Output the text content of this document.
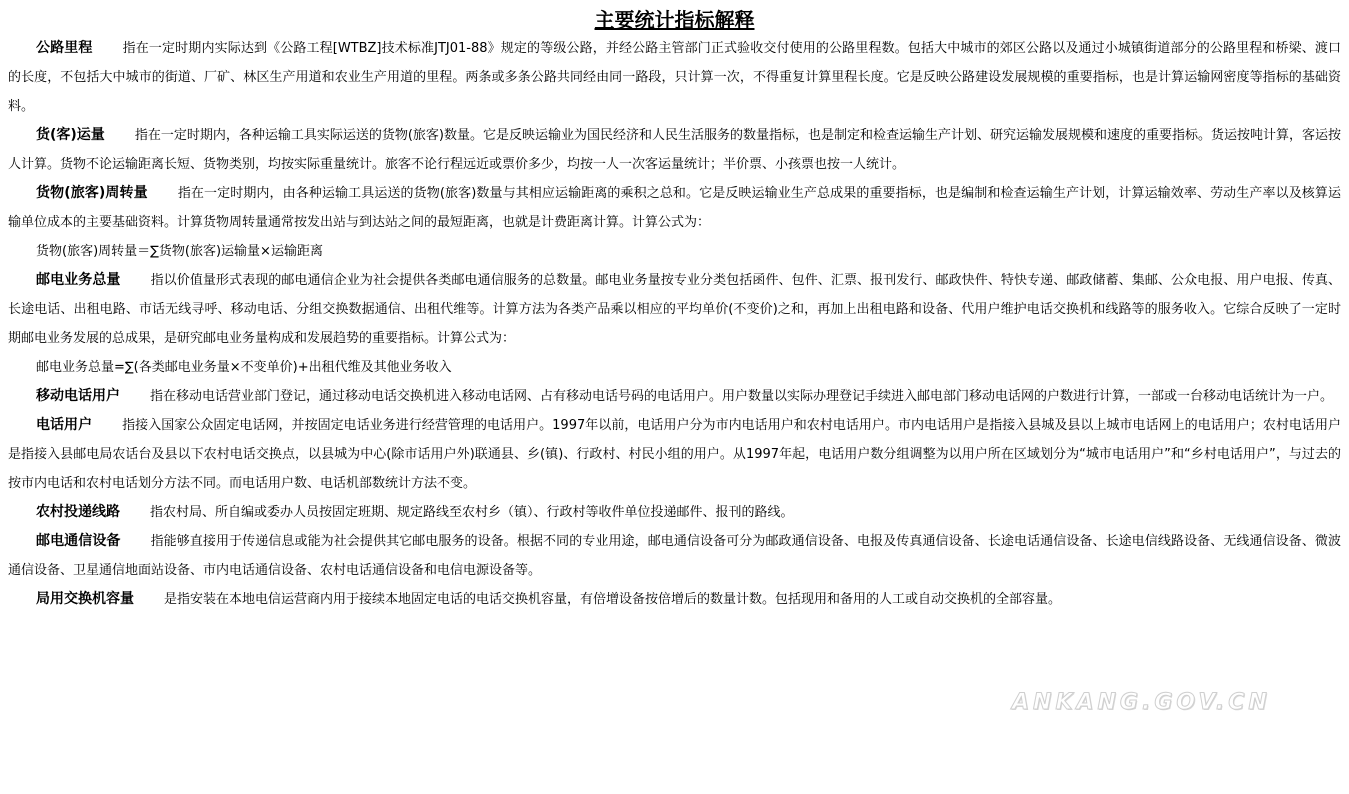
主要统计指标解释

公路里程 指在一定时期内实际达到《公路工程[WTBZ]技术标准JTJ01-88》规定的等级公路，并经公路主管部门正式验收交付使用的公路里程数。包括大中城市的郊区公路以及通过小城镇街道部分的公路里程和桥梁、渡口的长度，不包括大中城市的街道、厂矿、林区生产用道和农业生产用道的里程。两条或多条公路共同经由同一路段，只计算一次，不得重复计算里程长度。它是反映公路建设发展规模的重要指标，也是计算运输网密度等指标的基础资料。

货(客)运量 指在一定时期内，各种运输工具实际运送的货物(旅客)数量。它是反映运输业为国民经济和人民生活服务的数量指标，也是制定和检查运输生产计划、研究运输发展规模和速度的重要指标。货运按吨计算，客运按人计算。货物不论运输距离长短、货物类别，均按实际重量统计。旅客不论行程远近或票价多少，均按一人一次客运量统计；半价票、小孩票也按一人统计。

货物(旅客)周转量 指在一定时期内，由各种运输工具运送的货物(旅客)数量与其相应运输距离的乘积之总和。它是反映运输业生产总成果的重要指标，也是编制和检查运输生产计划，计算运输效率、劳动生产率以及核算运输单位成本的主要基础资料。计算货物周转量通常按发出站与到达站之间的最短距离，也就是计费距离计算。计算公式为：

货物(旅客)周转量＝∑货物(旅客)运输量×运输距离

邮电业务总量 指以价值量形式表现的邮电通信企业为社会提供各类邮电通信服务的总数量。邮电业务量按专业分类包括函件、包件、汇票、报刊发行、邮政快件、特快专递、邮政储蓄、集邮、公众电报、用户电报、传真、长途电话、出租电路、市话无线寻呼、移动电话、分组交换数据通信、出租代维等。计算方法为各类产品乘以相应的平均单价(不变价)之和，再加上出租电路和设备、代用户维护电话交换机和线路等的服务收入。它综合反映了一定时期邮电业务发展的总成果，是研究邮电业务量构成和发展趋势的重要指标。计算公式为：

邮电业务总量=∑(各类邮电业务量×不变单价)+出租代维及其他业务收入

移动电话用户 指在移动电话营业部门登记，通过移动电话交换机进入移动电话网、占有移动电话号码的电话用户。用户数量以实际办理登记手续进入邮电部门移动电话网的户数进行计算，一部或一台移动电话统计为一户。

电话用户 指接入国家公众固定电话网，并按固定电话业务进行经营管理的电话用户。1997年以前，电话用户分为市内电话用户和农村电话用户。市内电话用户是指接入县城及县以上城市电话网上的电话用户；农村电话用户是指接入县邮电局农话台及县以下农村电话交换点，以县城为中心(除市话用户外)联通县、乡(镇)、行政村、村民小组的用户。从1997年起，电话用户数分组调整为以用户所在区域划分为“城市电话用户”和“乡村电话用户”，与过去的按市内电话和农村电话划分方法不同。而电话用户数、电话机部数统计方法不变。

农村投递线路 指农村局、所自编或委办人员按固定班期、规定路线至农村乡（镇）、行政村等收件单位投递邮件、报刊的路线。

邮电通信设备 指能够直接用于传递信息或能为社会提供其它邮电服务的设备。根据不同的专业用途，邮电通信设备可分为邮政通信设备、电报及传真通信设备、长途电话通信设备、长途电信线路设备、无线通信设备、微波通信设备、卫星通信地面站设备、市内电话通信设备、农村电话通信设备和电信电源设备等。

局用交换机容量 是指安装在本地电信运营商内用于接续本地固定电话的电话交换机容量，有倍增设备按倍增后的数量计数。包括现用和备用的人工或自动交换机的全部容量。

ANKANG.GOV.CN
